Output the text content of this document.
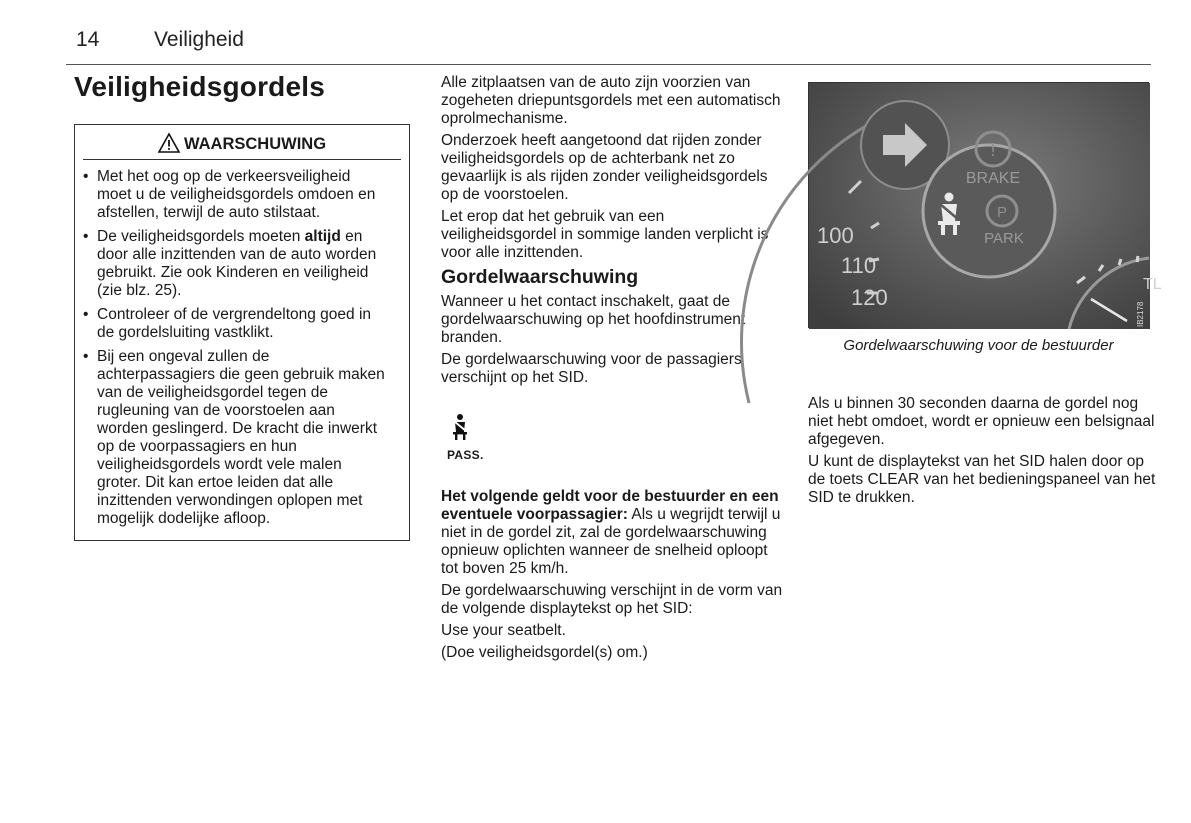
14	Veiligheid
Veiligheidsgordels
WAARSCHUWING
• Met het oog op de verkeersveiligheid moet u de veiligheidsgordels omdoen en afstellen, terwijl de auto stilstaat.
• De veiligheidsgordels moeten altijd en door alle inzittenden van de auto worden gebruikt. Zie ook Kinderen en veiligheid (zie blz. 25).
• Controleer of de vergrendeltong goed in de gordelsluiting vastklikt.
• Bij een ongeval zullen de achterpassagiers die geen gebruik maken van de veiligheidsgordel tegen de rugleuning van de voorstoelen aan worden geslingerd. De kracht die inwerkt op de voorpassagiers en hun veiligheidsgordels wordt vele malen groter. Dit kan ertoe leiden dat alle inzittenden verwondingen oplopen met mogelijk dodelijke afloop.

Alle zitplaatsen van de auto zijn voorzien van zogeheten driepuntsgordels met een automatisch oprolmechanisme.

Onderzoek heeft aangetoond dat rijden zonder veiligheidsgordels op de achterbank net zo gevaarlijk is als rijden zonder veiligheidsgordels op de voorstoelen.

Let erop dat het gebruik van een veiligheidsgordel in sommige landen verplicht is voor alle inzittenden.

Gordelwaarschuwing

Wanneer u het contact inschakelt, gaat de gordelwaarschuwing op het hoofdinstrument branden.

De gordelwaarschuwing voor de passagiers verschijnt op het SID.

PASS.

Het volgende geldt voor de bestuurder en een eventuele voorpassagier: Als u wegrijdt terwijl u niet in de gordel zit, zal de gordelwaarschuwing opnieuw oplichten wanneer de snelheid oploopt tot boven 25 km/h.

De gordelwaarschuwing verschijnt in de vorm van de volgende displaytekst op het SID:

Use your seatbelt.

(Doe veiligheidsgordel(s) om.)

100
110
120
!
BRAKE
P
PARK
TL
IB2178
Gordelwaarschuwing voor de bestuurder

Als u binnen 30 seconden daarna de gordel nog niet hebt omdoet, wordt er opnieuw een belsignaal afgegeven.

U kunt de displaytekst van het SID halen door op de toets CLEAR van het bedieningspaneel van het SID te drukken.
